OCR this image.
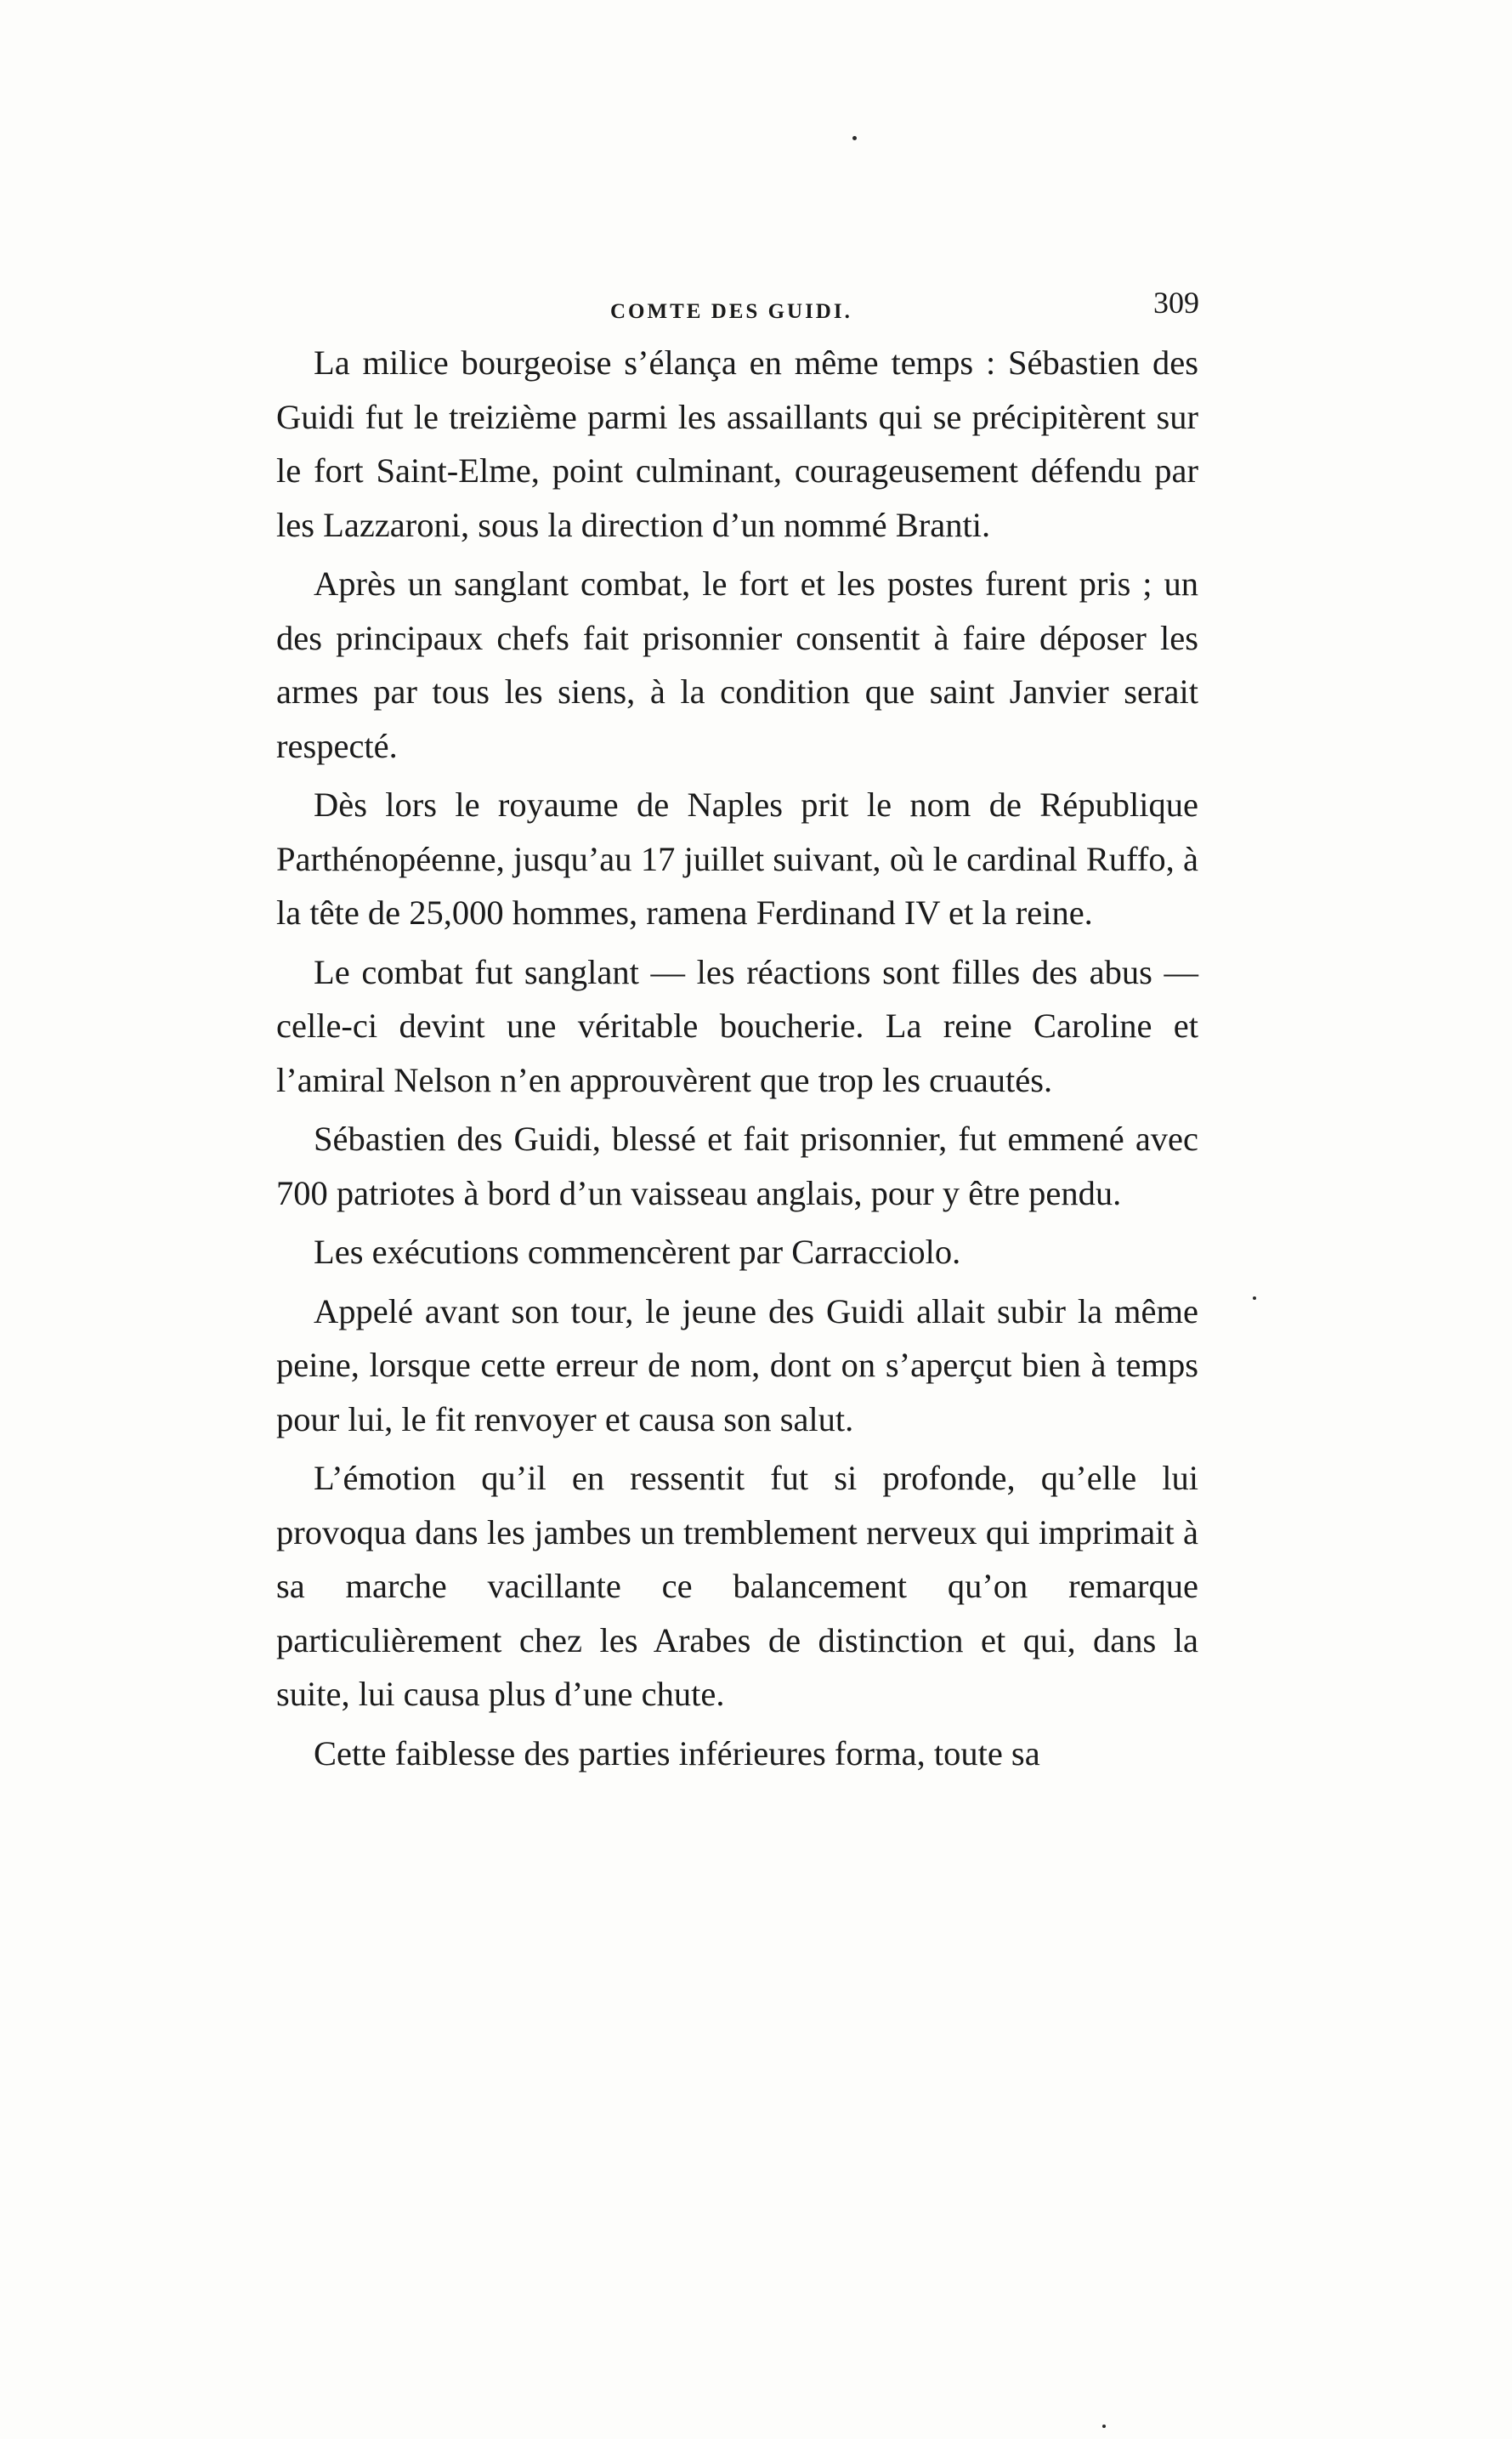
COMTE DES GUIDI.	309

La milice bourgeoise s’élança en même temps : Sébastien des Guidi fut le treizième parmi les assaillants qui se précipitèrent sur le fort Saint-Elme, point culminant, courageusement défendu par les Lazzaroni, sous la direction d’un nommé Branti.

Après un sanglant combat, le fort et les postes furent pris ; un des principaux chefs fait prisonnier consentit à faire déposer les armes par tous les siens, à la condition que saint Janvier serait respecté.

Dès lors le royaume de Naples prit le nom de République Parthénopéenne, jusqu’au 17 juillet suivant, où le cardinal Ruffo, à la tête de 25,000 hommes, ramena Ferdinand IV et la reine.

Le combat fut sanglant — les réactions sont filles des abus — celle-ci devint une véritable boucherie. La reine Caroline et l’amiral Nelson n’en approuvèrent que trop les cruautés.

Sébastien des Guidi, blessé et fait prisonnier, fut emmené avec 700 patriotes à bord d’un vaisseau anglais, pour y être pendu.

Les exécutions commencèrent par Carracciolo.

Appelé avant son tour, le jeune des Guidi allait subir la même peine, lorsque cette erreur de nom, dont on s’aperçut bien à temps pour lui, le fit renvoyer et causa son salut.

L’émotion qu’il en ressentit fut si profonde, qu’elle lui provoqua dans les jambes un tremblement nerveux qui imprimait à sa marche vacillante ce balancement qu’on remarque particulièrement chez les Arabes de distinction et qui, dans la suite, lui causa plus d’une chute.

Cette faiblesse des parties inférieures forma, toute sa
